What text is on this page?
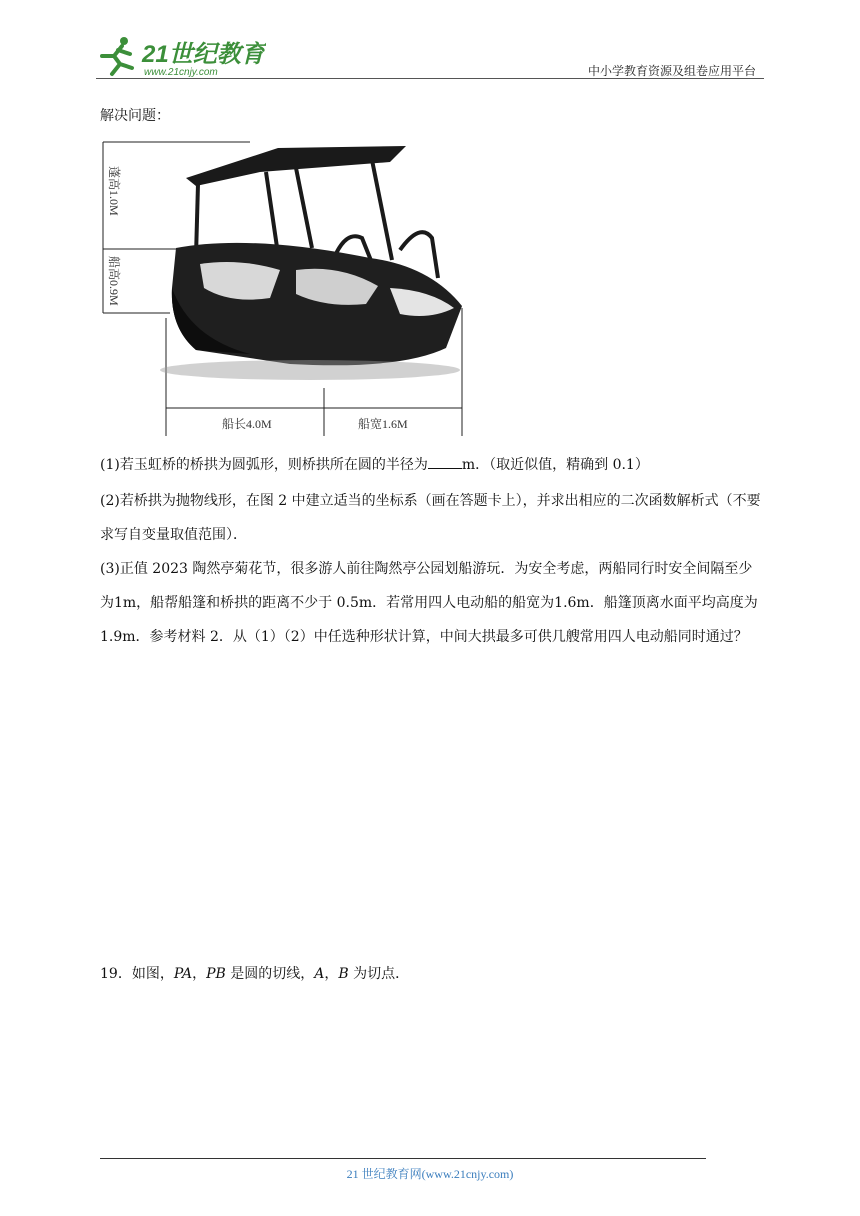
21世纪教育
www.21cnjy.com	中小学教育资源及组卷应用平台
解决问题：
蓬高1.0M
船高0.9M
船长4.0M	船宽1.6M
(1)若玉虹桥的桥拱为圆弧形，则桥拱所在圆的半径为 m．（取近似值，精确到 0.1）
(2)若桥拱为抛物线形，在图 2 中建立适当的坐标系（画在答题卡上），并求出相应的二次函数解析式（不要求写自变量取值范围）．
(3)正值 2023 陶然亭菊花节，很多游人前往陶然亭公园划船游玩．为安全考虑，两船同行时安全间隔至少为1m，船帮船篷和桥拱的距离不少于 0.5m．若常用四人电动船的船宽为1.6m．船篷顶离水面平均高度为1.9m．参考材料 2．从（1）（2）中任选种形状计算，中间大拱最多可供几艘常用四人电动船同时通过？
19．如图，PA，PB 是圆的切线，A，B 为切点．
21 世纪教育网(www.21cnjy.com)
